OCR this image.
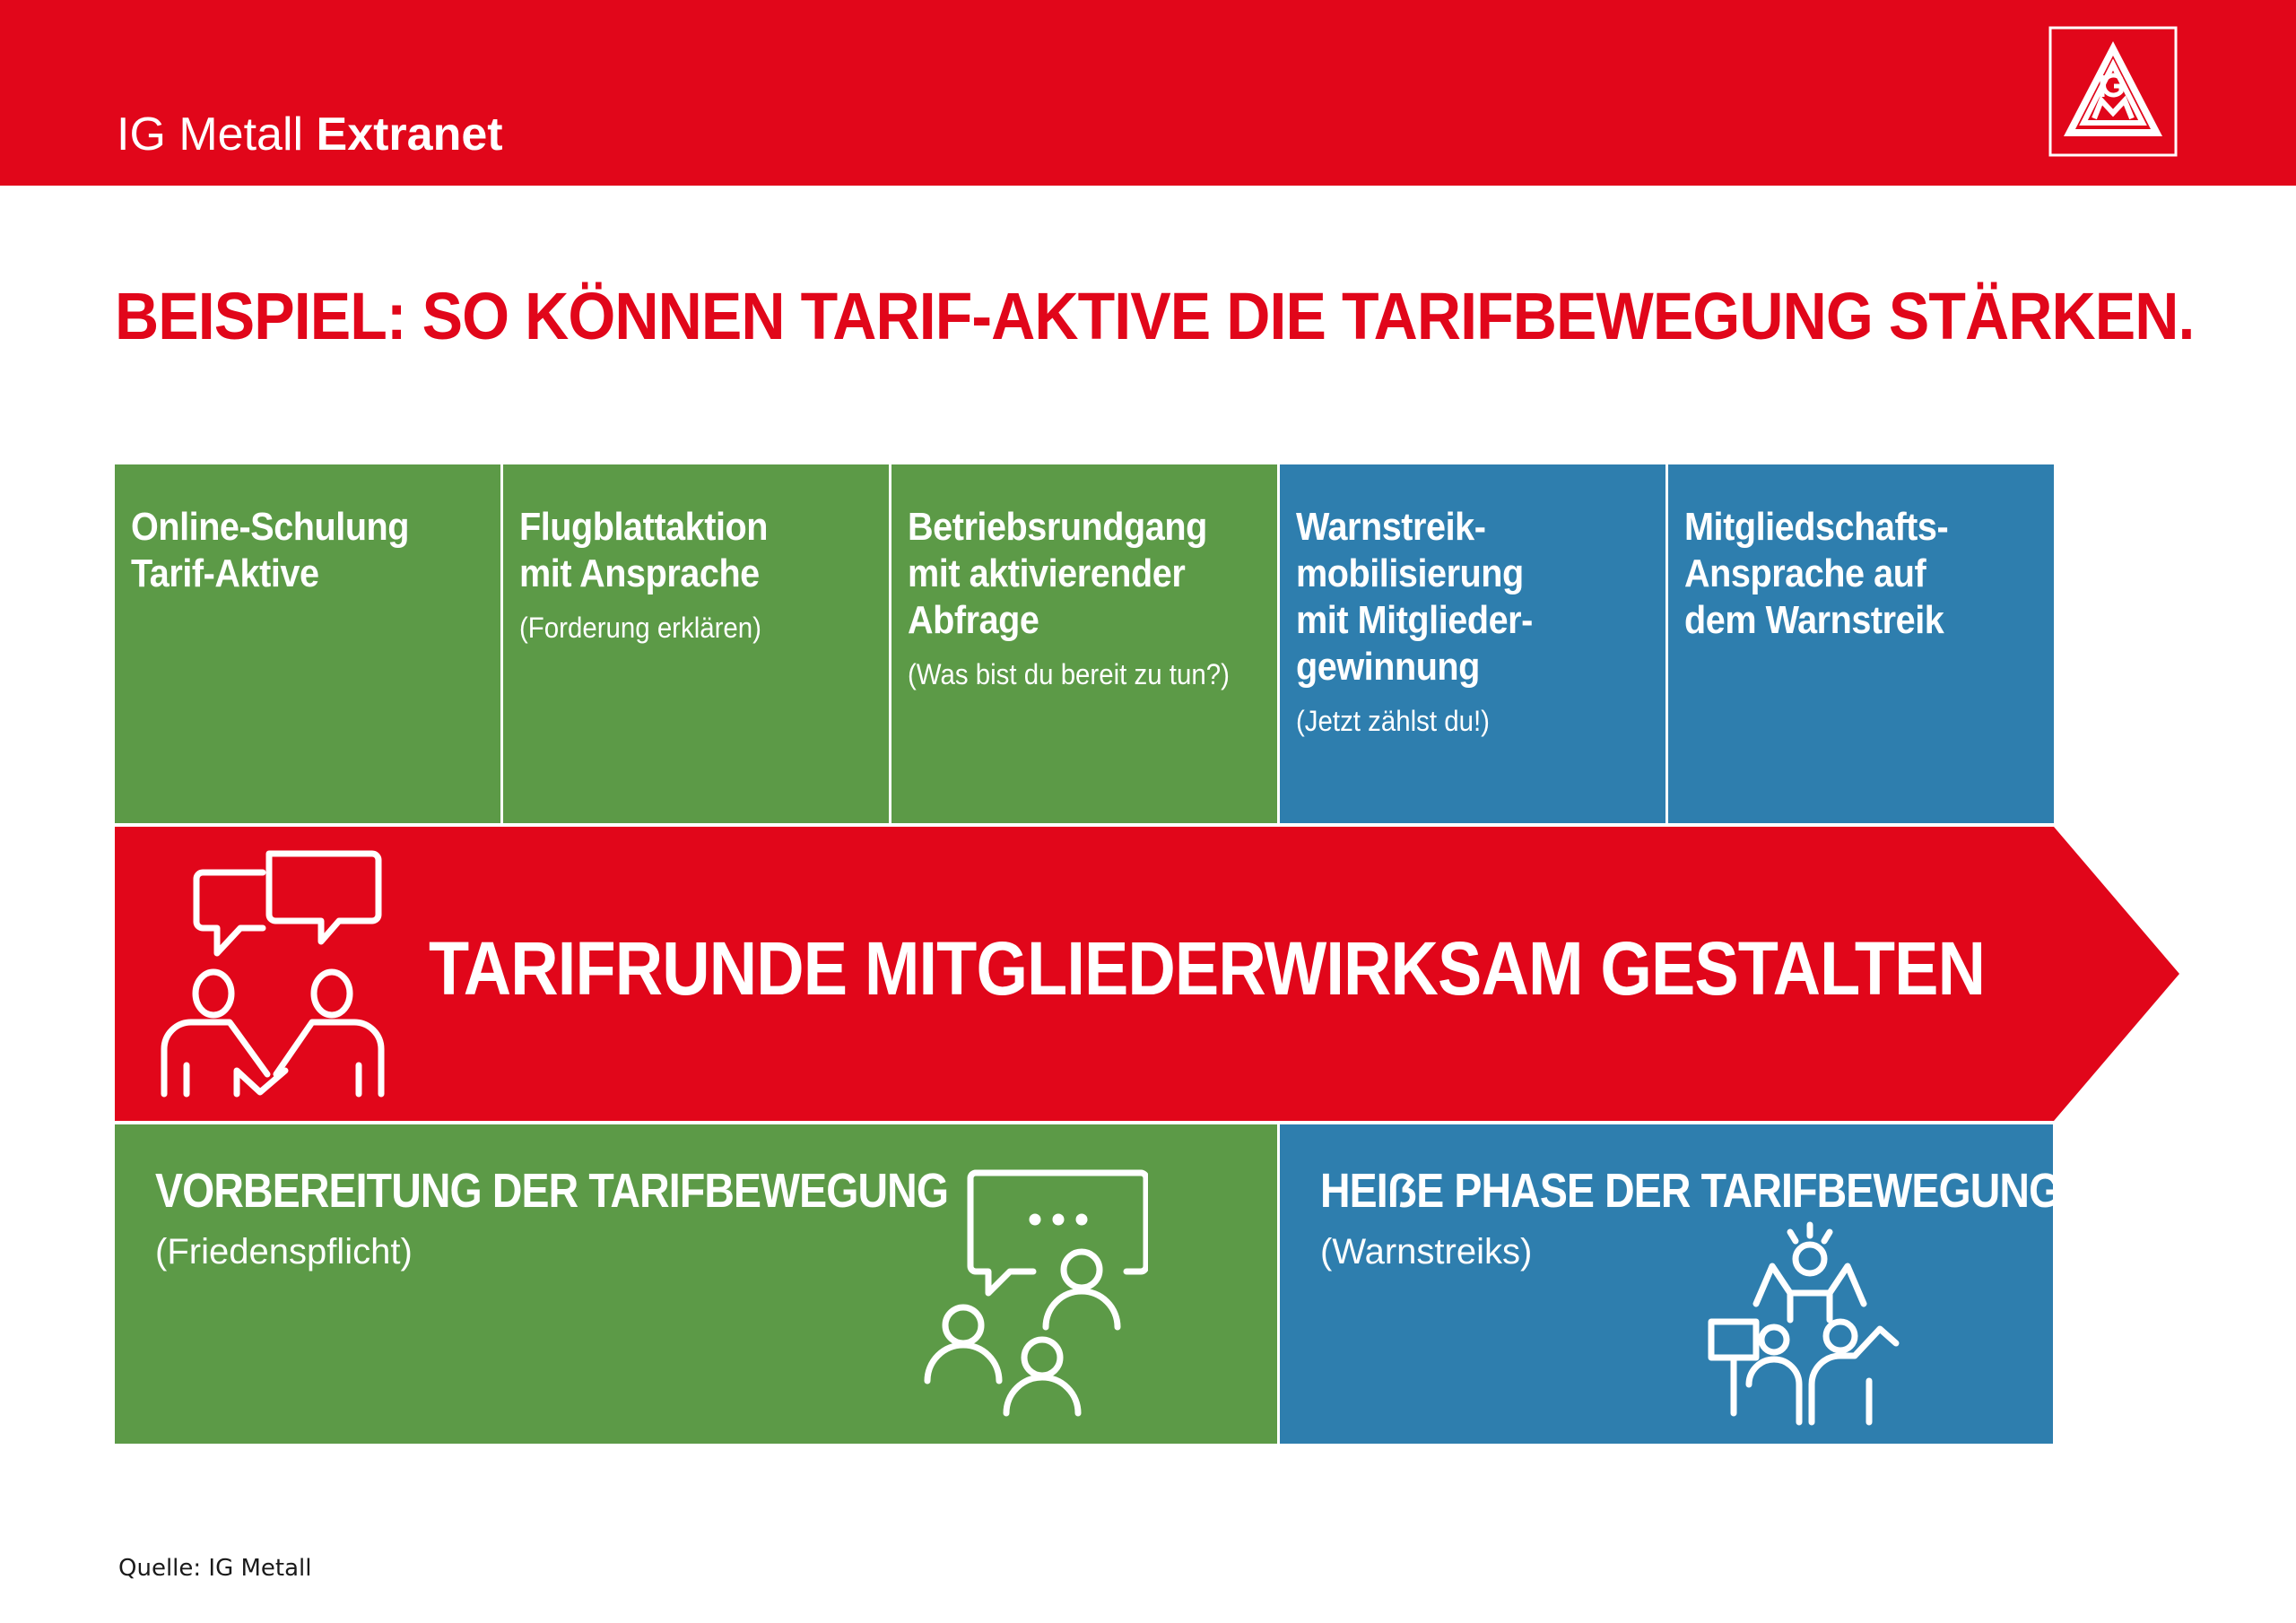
IG Metall Extranet
BEISPIEL: SO KÖNNEN TARIF-AKTIVE DIE TARIFBEWEGUNG STÄRKEN.
Online-Schulung
Tarif-Aktive
Flugblattaktion
mit Ansprache
(Forderung erklären)
Betriebsrundgang
mit aktivierender
Abfrage
(Was bist du bereit zu tun?)
Warnstreik-
mobilisierung
mit Mitglieder-
gewinnung
(Jetzt zählst du!)
Mitgliedschafts-
Ansprache auf
dem Warnstreik
TARIFRUNDE MITGLIEDERWIRKSAM GESTALTEN
VORBEREITUNG DER TARIFBEWEGUNG
(Friedenspflicht)
HEIẞE PHASE DER TARIFBEWEGUNG
(Warnstreiks)
Quelle: IG Metall
